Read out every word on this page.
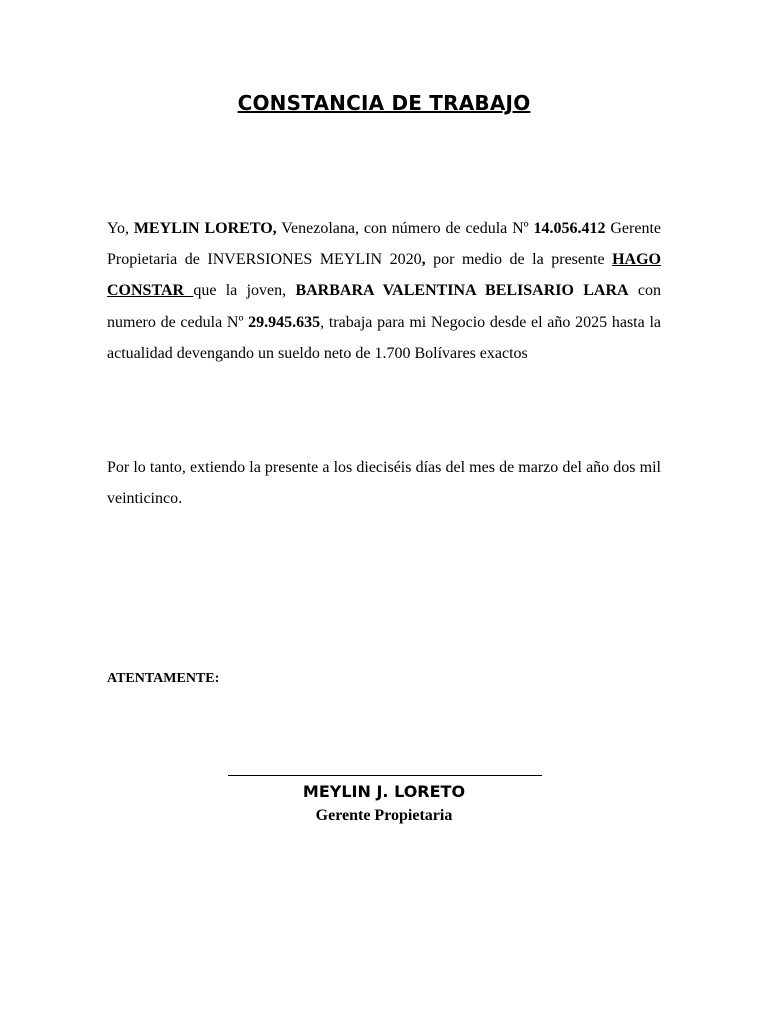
CONSTANCIA DE TRABAJO

Yo, MEYLIN LORETO, Venezolana, con número de cedula Nº 14.056.412 Gerente Propietaria de INVERSIONES MEYLIN 2020, por medio de la presente HAGO CONSTAR que la joven, BARBARA VALENTINA BELISARIO LARA con numero de cedula Nº 29.945.635, trabaja para mi Negocio desde el año 2025 hasta la actualidad devengando un sueldo neto de 1.700 Bolívares exactos

Por lo tanto, extiendo la presente a los dieciséis días del mes de marzo del año dos mil veinticinco.

ATENTAMENTE:

MEYLIN J. LORETO

Gerente Propietaria
